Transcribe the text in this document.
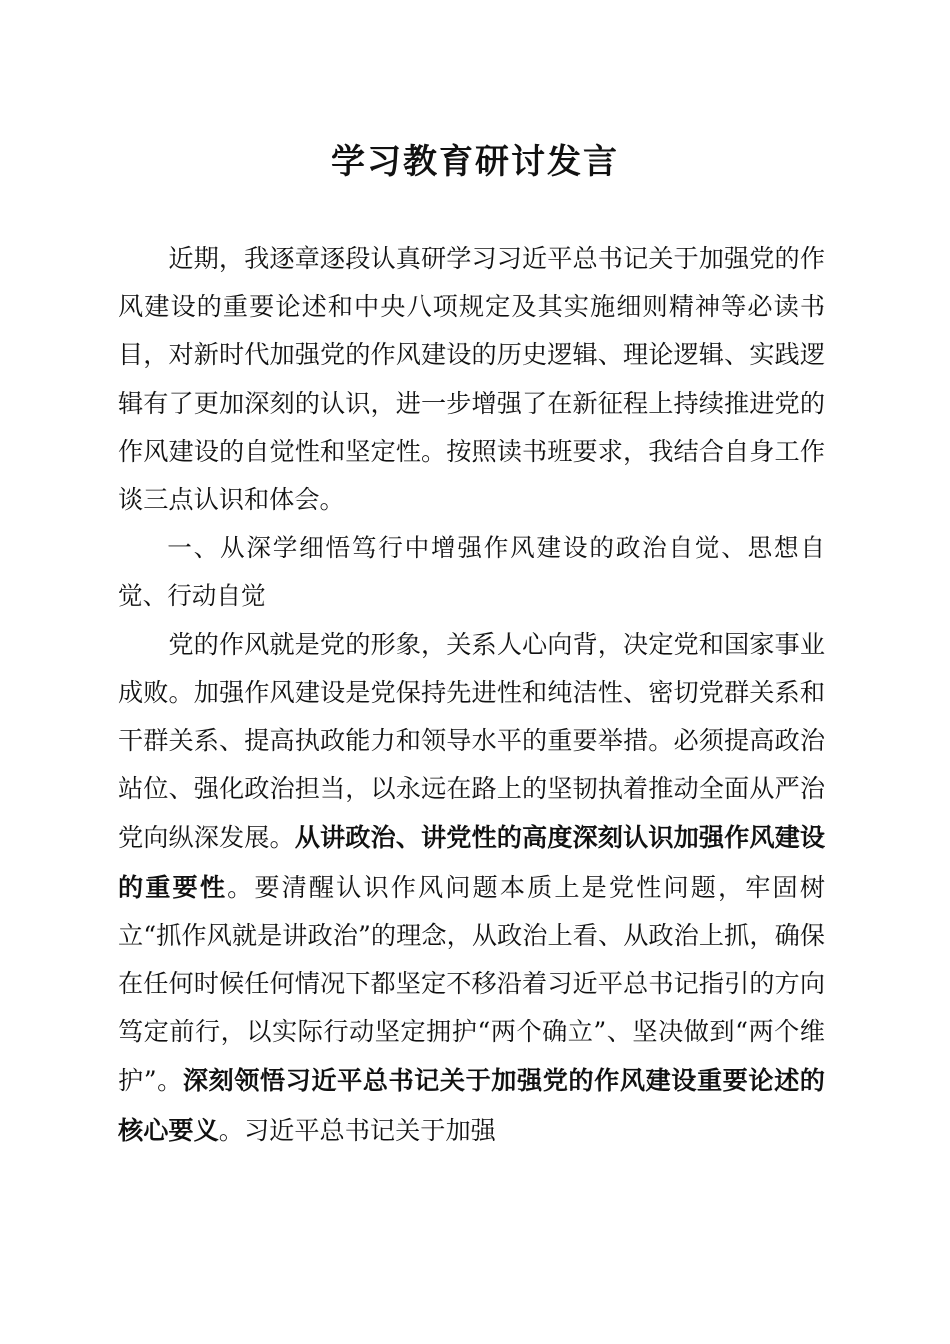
学习教育研讨发言

近期，我逐章逐段认真研学习习近平总书记关于加强党的作风建设的重要论述和中央八项规定及其实施细则精神等必读书目，对新时代加强党的作风建设的历史逻辑、理论逻辑、实践逻辑有了更加深刻的认识，进一步增强了在新征程上持续推进党的作风建设的自觉性和坚定性。按照读书班要求，我结合自身工作谈三点认识和体会。

一、从深学细悟笃行中增强作风建设的政治自觉、思想自觉、行动自觉

党的作风就是党的形象，关系人心向背，决定党和国家事业成败。加强作风建设是党保持先进性和纯洁性、密切党群关系和干群关系、提高执政能力和领导水平的重要举措。必须提高政治站位、强化政治担当，以永远在路上的坚韧执着推动全面从严治党向纵深发展。从讲政治、讲党性的高度深刻认识加强作风建设的重要性。要清醒认识作风问题本质上是党性问题，牢固树立“抓作风就是讲政治”的理念，从政治上看、从政治上抓，确保在任何时候任何情况下都坚定不移沿着习近平总书记指引的方向笃定前行，以实际行动坚定拥护“两个确立”、坚决做到“两个维护”。深刻领悟习近平总书记关于加强党的作风建设重要论述的核心要义。习近平总书记关于加强
